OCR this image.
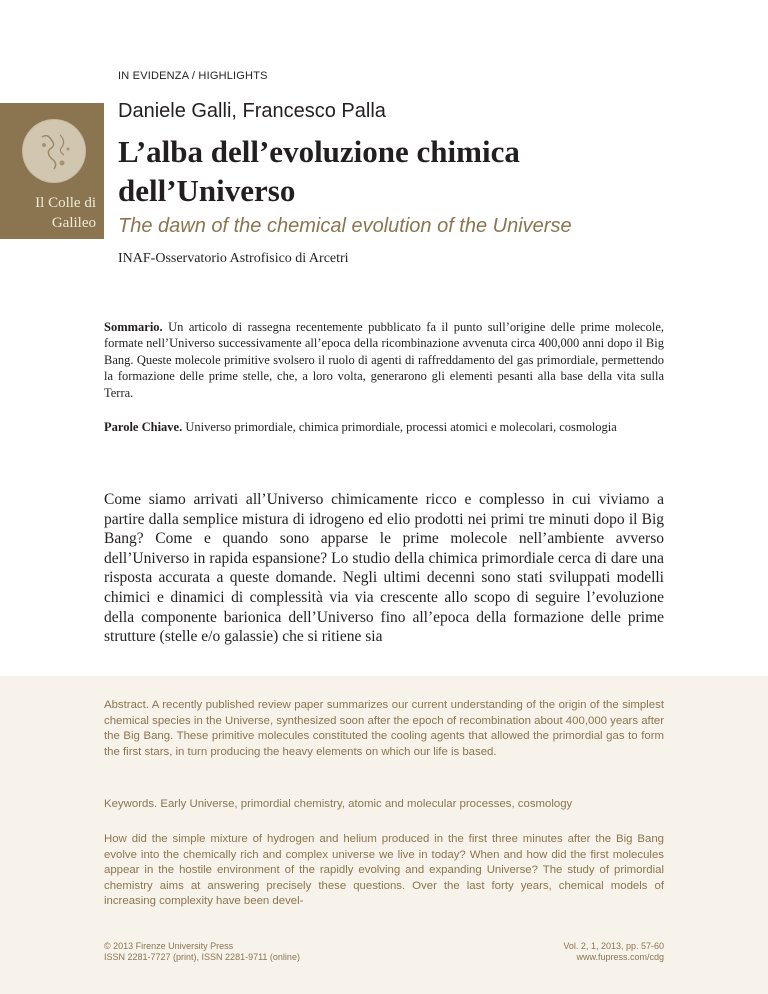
IN EVIDENZA / HIGHLIGHTS
Il Colle di
Galileo
Daniele Galli, Francesco Palla
L’alba dell’evoluzione chimica dell’Universo
The dawn of the chemical evolution of the Universe
INAF-Osservatorio Astrofisico di Arcetri
Sommario. Un articolo di rassegna recentemente pubblicato fa il punto sull’origine delle prime molecole, formate nell’Universo successivamente all’epoca della ricombinazione avvenuta circa 400,000 anni dopo il Big Bang. Queste molecole primitive svolsero il ruolo di agenti di raffreddamento del gas primordiale, permettendo la formazione delle prime stelle, che, a loro volta, generarono gli elementi pesanti alla base della vita sulla Terra.
Parole Chiave. Universo primordiale, chimica primordiale, processi atomici e molecolari, cosmologia
Come siamo arrivati all’Universo chimicamente ricco e complesso in cui viviamo a partire dalla semplice mistura di idrogeno ed elio prodotti nei primi tre minuti dopo il Big Bang? Come e quando sono apparse le prime molecole nell’ambiente avverso dell’Universo in rapida espansione? Lo studio della chimica primordiale cerca di dare una risposta accurata a queste domande. Negli ultimi decenni sono stati sviluppati modelli chimici e dinamici di complessità via via crescente allo scopo di seguire l’evoluzione della componente barionica dell’Universo fino all’epoca della formazione delle prime strutture (stelle e/o galassie) che si ritiene sia
Abstract. A recently published review paper summarizes our current understanding of the origin of the simplest chemical species in the Universe, synthesized soon after the epoch of recombination about 400,000 years after the Big Bang. These primitive molecules constituted the cooling agents that allowed the primordial gas to form the first stars, in turn producing the heavy elements on which our life is based.
Keywords. Early Universe, primordial chemistry, atomic and molecular processes, cosmology
How did the simple mixture of hydrogen and helium produced in the first three minutes after the Big Bang evolve into the chemically rich and complex universe we live in today? When and how did the first molecules appear in the hostile environment of the rapidly evolving and expanding Universe? The study of primordial chemistry aims at answering precisely these questions. Over the last forty years, chemical models of increasing complexity have been devel-
© 2013 Firenze University Press
ISSN 2281-7727 (print), ISSN 2281-9711 (online)
Vol. 2, 1, 2013, pp. 57-60
www.fupress.com/cdg
